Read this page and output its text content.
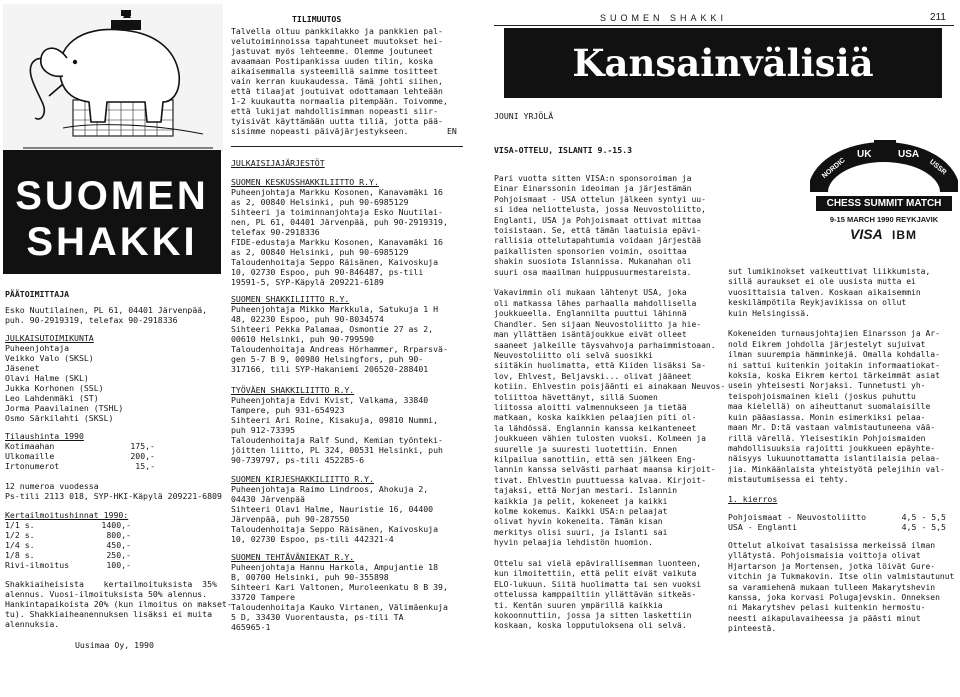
SUOMEN
SHAKKI
PÄÄTOIMITTAJA
Esko Nuutilainen, PL 61, 04401 Järvenpää,
puh. 90-2919319, telefax 90-2918336
JULKAISUTOIMIKUNTA
Puheenjohtaja
Veikko Valo (SKSL)
Jäsenet
Olavi Halme (SKL)
Jukka Korhonen (SSL)
Leo Lahdenmäki (ST)
Jorma Paavilainen (TSHL)
Osmo Särkilahti (SKSL)
Tilaushinta 1990
Kotimaahan	175,-
Ulkomaille	200,-
Irtonumerot	15,-
12 numeroa vuodessa
Ps-tili 2113 018, SYP-HKI-Käpylä 209221-6809
Kertailmoitushinnat 1990:
1/1 s.	1400,-
1/2 s.	800,-
1/4 s.	450,-
1/8 s.	250,-
Rivi-ilmoitus	100,-
Shakkiaiheisista    kertailmoituksista  35%
alennus. Vuosi-ilmoituksista 50% alennus.
Hankintapaikoista 20% (kun ilmoitus on makset-
tu). Shakkiaiheanennuksen lisäksi ei muita
alennuksia.
Uusimaa Oy, 1990
TILIMUUTOS
Talvella oltuu pankkilakko ja pankkien pal-
velutoiminnoissa tapahtuneet muutokset hei-
jastuvat myös lehteemme. Olemme joutuneet
avaamaan Postipankissa uuden tilin, koska
aikaisemmalla systeemillä saimme tositteet
vain kerran kuukaudessa. Tämä johti siihen,
että tilaajat joutuivat odottamaan lehteään
1-2 kuukautta normaalia pitempään. Toivomme,
että lukijat mahdollisimman nopeasti siir-
tyisivät käyttämään uutta tiliä, jotta pää-
sisimme nopeasti päiväjärjestykseen.	EN
JULKAISIJAJÄRJESTÖT
SUOMEN KESKUSSHAKKILIITTO R.Y.
Puheenjohtaja Markku Kosonen, Kanavamäki 16
as 2, 00840 Helsinki, puh 90-6985129
Sihteeri ja toiminnanjohtaja Esko Nuutilai-
nen, PL 61, 04401 Järvenpää, puh 90-2919319,
telefax 90-2918336
FIDE-edustaja Markku Kosonen, Kanavamäki 16
as 2, 00840 Helsinki, puh 90-6985129
Taloudenhoitaja Seppo Räisänen, Kaivoskuja
10, 02730 Espoo, puh 90-846487, ps-tili
19591-5, SYP-Käpylä 209221-6189
SUOMEN SHAKKILIITTO R.Y.
Puheenjohtaja Mikko Markkula, Satukuja 1 H
48, 02230 Espoo, puh 90-8034574
Sihteeri Pekka Palamaa, Osmontie 27 as 2,
00610 Helsinki, puh 90-799590
Taloudenhoitaja Andreas Hörhammer, Rrparsvä-
gen 5-7 B 9, 00980 Helsingfors, puh 90-
317166, tili SYP-Hakaniemi 206520-288401
TYÖVÄEN SHAKKILIITTO R.Y.
Puheenjohtaja Edvi Kvist, Valkama, 33840
Tampere, puh 931-654923
Sihteeri Ari Roine, Kisakuja, 09810 Nummi,
puh 912-73395
Taloudenhoitaja Ralf Sund, Kemian työnteki-
jöitten liitto, PL 324, 00531 Helsinki, puh
90-739797, ps-tili 452285-6
SUOMEN KIRJESHAKKILIITTO R.Y.
Puheenjohtaja Raimo Lindroos, Ahokuja 2,
04430 Järvenpää
Sihteeri Olavi Halme, Nauristie 16, 04400
Järvenpää, puh 90-287550
Taloudenhoitaja Seppo Räisänen, Kaivoskuja
10, 02730 Espoo, ps-tili 442321-4
SUOMEN TEHTÄVÄNIEKAT R.Y.
Puheenjohtaja Hannu Harkola, Ampujantie 18
B, 00700 Helsinki, puh 90-355898
Sihteeri Kari Valtonen, Muroleenkatu 8 B 39,
33720 Tampere
Taloudenhoitaja Kauko Virtanen, Välimäenkuja
5 D, 33430 Vuorentausta, ps-tili TA
465965-1
SUOMEN SHAKKI	211
Kansainvälisiä kilpailuja
JOUNI YRJÖLÄ
VISA-OTTELU, ISLANTI 9.-15.3
NORDIC
UK	USA
USSR
CHESS SUMMIT MATCH
9-15 MARCH 1990 REYKJAVIK
VISA IBM
Pari vuotta sitten VISA:n sponsoroiman ja
Einar Einarssonin ideoiman ja järjestämän
Pohjoismaat - USA ottelun jälkeen syntyi uu-
si idea neliottelusta, jossa Neuvostoliitto,
Englanti, USA ja Pohjoismaat ottivat mittaa
toisistaan. Se, että tämän laatuisia epävi-
rallisia ottelutapahtumia voidaan järjestää
paikallisten sponsorien voimin, osoittaa
shakin suosiota Islannissa. Mukanahan oli
suuri osa maailman huippusuurmestareista.

Vakavimmin oli mukaan lähtenyt USA, joka
oli matkassa lähes parhaalla mahdollisella
joukkueella. Englannilta puuttui lähinnä
Chandler. Sen sijaan Neuvostoliitto ja hie-
man yllättäen isäntäjoukkue eivät olleet
saaneet jalkeille täysvahvoja parhaimmistoaan.
Neuvostoliitto oli selvä suosikki
siitäkin huolimatta, että Kiiden lisäksi Sa-
lov, Ehlvest, Beljavski... olivat jääneet
kotiin. Ehlvestin poisjäänti ei ainakaan Neuvos-
toliittoa hävettänyt, sillä Suomen
liitossa aloitti valmennukseen ja tietää
matkaan, koska kaikkien pelaajien piti ol-
la lähdössä. Englannin kanssa keikanteneet
joukkueen vähien tulosten vuoksi. Kolmeen ja
suurelle ja suuresti luotettiin. Ennen
kilpailua sanottiin, että sen jälkeen Eng-
lannin kanssa selvästi parhaat maansa kirjoit-
tivat. Ehlvestin puuttuessa kalvaa. Kirjoit-
tajaksi, että Norjan mestari. Islannin
kaikkia ja pelit, kokeneet ja kaikki
kolme kokemus. Kaikki USA:n pelaajat
olivat hyvin kokeneita. Tämän kisan
merkitys olisi suuri, ja Islanti sai
hyvin pelaajia lehdistön huomion.

Ottelu sai vielä epävirallisemman luonteen,
kun ilmoitettiin, että pelit eivät vaikuta
ELO-lukuun. Siitä huolimatta tai sen vuoksi
ottelussa kamppailtiin yllättävän sitkeäs-
ti. Kentän suuren ympärillä kaikkia
kokoonnuttiin, jossa ja sitten laskettiin
koskaan, koska lopputuloksena oli selvä.
sut lumikinokset vaikeuttivat liikkumista,
sillä auraukset ei ole uusista mutta ei
vuosittaisia talven. Koskaan aikaisemmin
keskilämpötila Reykjavikissa on ollut
kuin Helsingissä.

Kokeneiden turnausjohtajien Einarsson ja Ar-
nold Eikrem johdolla järjestelyt sujuivat
ilman suurempia hämminkejä. Omalla kohdalla-
ni sattui kuitenkin joitakin informaatiokat-
koksia, koska Eikrem kertoi tärkeimmät asiat
usein yhteisesti Norjaksi. Tunnetusti yh-
teispohjoismainen kieli (joskus puhuttu
maa kielellä) on aiheuttanut suomalaisille
kuin pääasiassa. Monin esimerkiksi pelaa-
maan Mr. D:tä vastaan valmistautuneena vää-
rillä värellä. Yleisestikin Pohjoismaiden
mahdollisuuksia rajoitti joukkueen epäyhte-
näisyys lukuunottamatta islantilaisia pelaa-
jia. Minkäänlaista yhteistyötä pelejihin val-
mistautumisessa ei tehty.
1. kierros
Pohjoismaat - Neuvostoliitto	4,5 - 5,5
USA - Englanti	4,5 - 5,5
Ottelut alkoivat tasaisissa merkeissä ilman
yllätystä. Pohjoismaisia voittoja olivat
Hjartarson ja Mortensen, jotka löivät Gure-
vitchin ja Tukmakovin. Itse olin valmistautunut
sa varamiehenä mukaan tulleen Makarytshevin
kanssa, joka korvasi Polugajevskin. Onneksen
ni Makarytshev pelasi kuitenkin hermostu-
neesti aikapulavaiheessa ja päästi minut
pinteestä.
